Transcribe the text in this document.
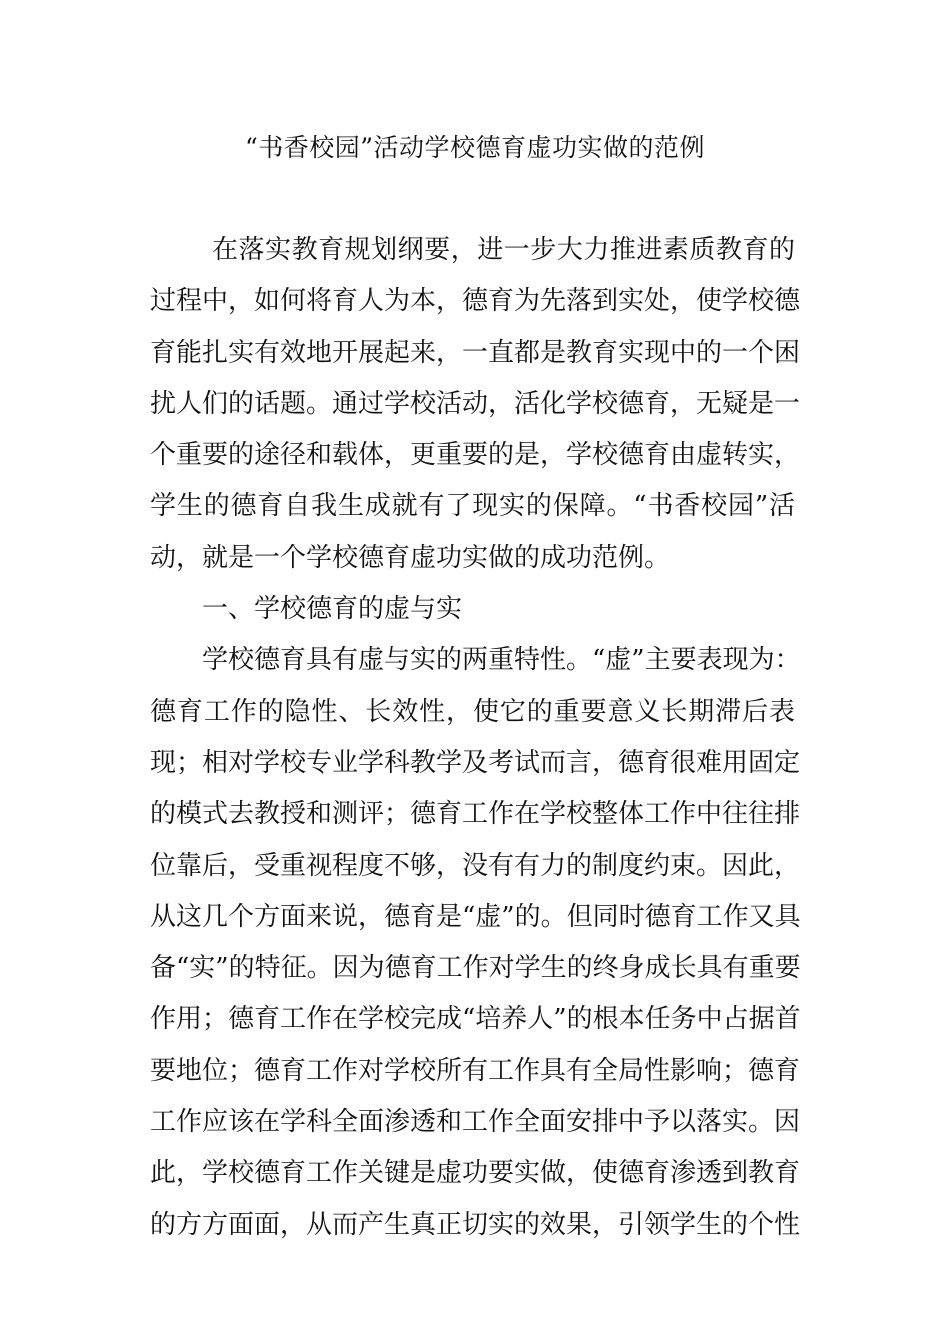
“书香校园”活动学校德育虚功实做的范例
在落实教育规划纲要，进一步大力推进素质教育的
过程中，如何将育人为本，德育为先落到实处，使学校德
育能扎实有效地开展起来，一直都是教育实现中的一个困
扰人们的话题。通过学校活动，活化学校德育，无疑是一
个重要的途径和载体，更重要的是，学校德育由虚转实，
学生的德育自我生成就有了现实的保障。“书香校园”活
动，就是一个学校德育虚功实做的成功范例。
一、学校德育的虚与实
学校德育具有虚与实的两重特性。“虚”主要表现为：
德育工作的隐性、长效性，使它的重要意义长期滞后表
现；相对学校专业学科教学及考试而言，德育很难用固定
的模式去教授和测评；德育工作在学校整体工作中往往排
位靠后，受重视程度不够，没有有力的制度约束。因此，
从这几个方面来说，德育是“虚”的。但同时德育工作又具
备“实”的特征。因为德育工作对学生的终身成长具有重要
作用；德育工作在学校完成“培养人”的根本任务中占据首
要地位；德育工作对学校所有工作具有全局性影响；德育
工作应该在学科全面渗透和工作全面安排中予以落实。因
此，学校德育工作关键是虚功要实做，使德育渗透到教育
的方方面面，从而产生真正切实的效果，引领学生的个性
